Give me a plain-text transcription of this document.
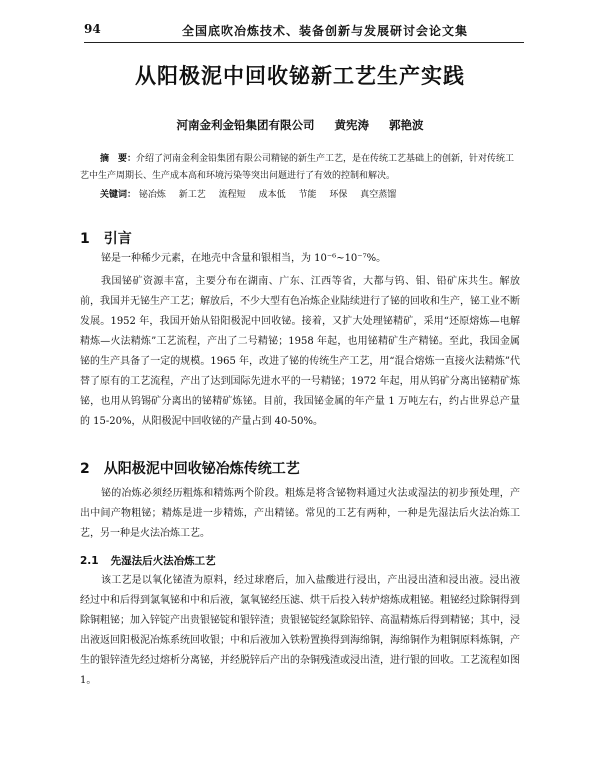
94	全国底吹冶炼技术、装备创新与发展研讨会论文集
从阳极泥中回收铋新工艺生产实践
河南金利金铅集团有限公司 黄宪涛 郭艳波
摘　要：介绍了河南金利金铅集团有限公司精铋的新生产工艺，是在传统工艺基础上的创新，针对传统工艺中生产周期长、生产成本高和环境污染等突出问题进行了有效的控制和解决。
关键词： 铋冶炼 新工艺 流程短 成本低 节能 环保 真空蒸馏
1 引言
铋是一种稀少元素，在地壳中含量和银相当，为 10⁻⁶~10⁻⁷%。
我国铋矿资源丰富，主要分布在湖南、广东、江西等省，大都与钨、钼、铅矿床共生。解放前，我国并无铋生产工艺；解放后，不少大型有色冶炼企业陆续进行了铋的回收和生产，铋工业不断发展。1952 年，我国开始从铅阳极泥中回收铋。接着，又扩大处理铋精矿，采用“还原熔炼—电解精炼—火法精炼”工艺流程，产出了二号精铋；1958 年起，也用铋精矿生产精铋。至此，我国金属铋的生产具备了一定的规模。1965 年，改进了铋的传统生产工艺，用“混合熔炼一直接火法精炼”代替了原有的工艺流程，产出了达到国际先进水平的一号精铋；1972 年起，用从钨矿分离出铋精矿炼铋，也用从钨锡矿分离出的铋精矿炼铋。目前，我国铋金属的年产量 1 万吨左右，约占世界总产量的 15-20%，从阳极泥中回收铋的产量占到 40-50%。
2 从阳极泥中回收铋冶炼传统工艺
铋的冶炼必须经历粗炼和精炼两个阶段。粗炼是将含铋物料通过火法或湿法的初步预处理，产出中间产物粗铋；精炼是进一步精炼，产出精铋。常见的工艺有两种，一种是先湿法后火法冶炼工艺，另一种是火法冶炼工艺。
2.1 先湿法后火法冶炼工艺
该工艺是以氧化铋渣为原料，经过球磨后，加入盐酸进行浸出，产出浸出渣和浸出液。浸出液经过中和后得到氯氧铋和中和后液，氯氧铋经压滤、烘干后投入转炉熔炼成粗铋。粗铋经过除铜得到除铜粗铋；加入锌锭产出贵银铋锭和银锌渣；贵银铋锭经氯除铅锌、高温精炼后得到精铋；其中，浸出液返回阳极泥冶炼系统回收银；中和后液加入铁粉置换得到海绵铜，海绵铜作为粗铜原料炼铜，产生的银锌渣先经过熔析分离铋，并经脱锌后产出的杂铜残渣或浸出渣，进行银的回收。工艺流程如图 1。
